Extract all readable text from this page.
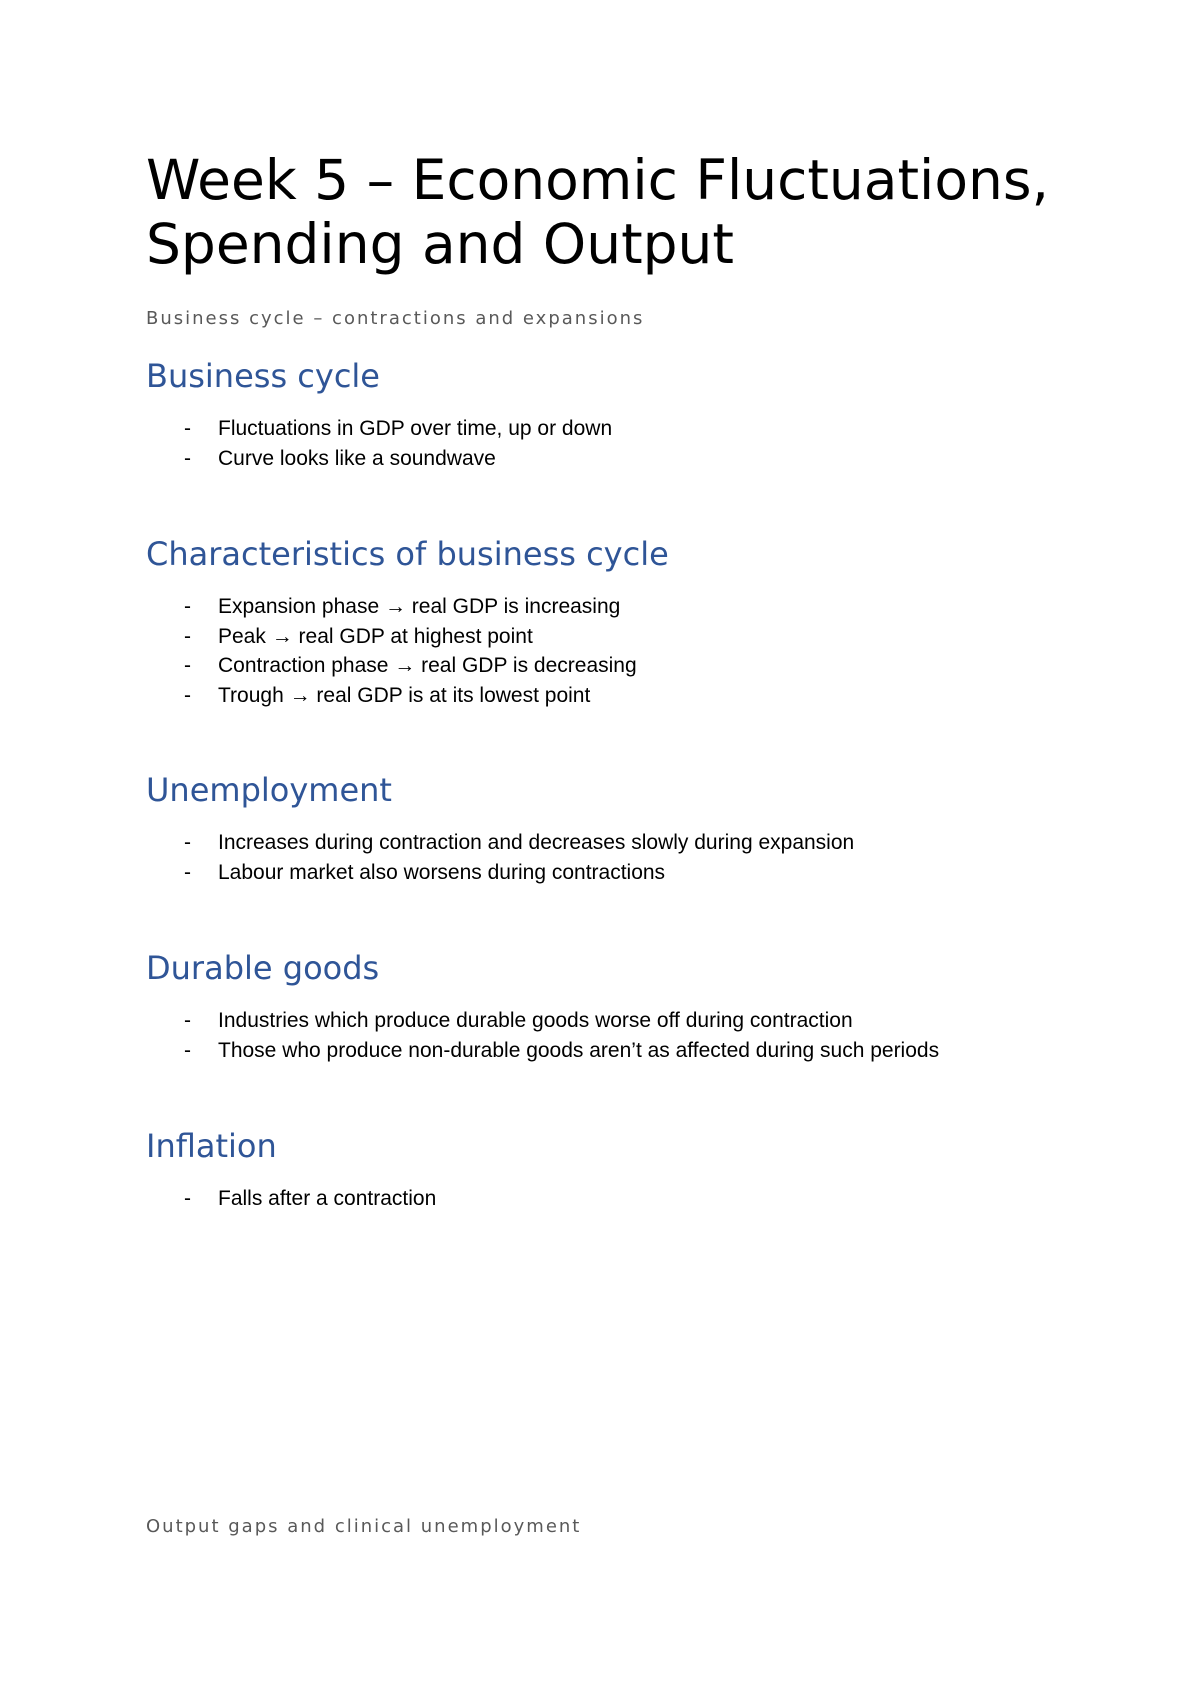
Week 5 – Economic Fluctuations, Spending and Output

Business cycle – contractions and expansions

Business cycle
- Fluctuations in GDP over time, up or down
- Curve looks like a soundwave
Characteristics of business cycle
- Expansion phase → real GDP is increasing
- Peak → real GDP at highest point
- Contraction phase → real GDP is decreasing
- Trough → real GDP is at its lowest point
Unemployment
- Increases during contraction and decreases slowly during expansion
- Labour market also worsens during contractions
Durable goods
- Industries which produce durable goods worse off during contraction
- Those who produce non-durable goods aren’t as affected during such periods
Inflation
- Falls after a contraction

Output gaps and clinical unemployment
